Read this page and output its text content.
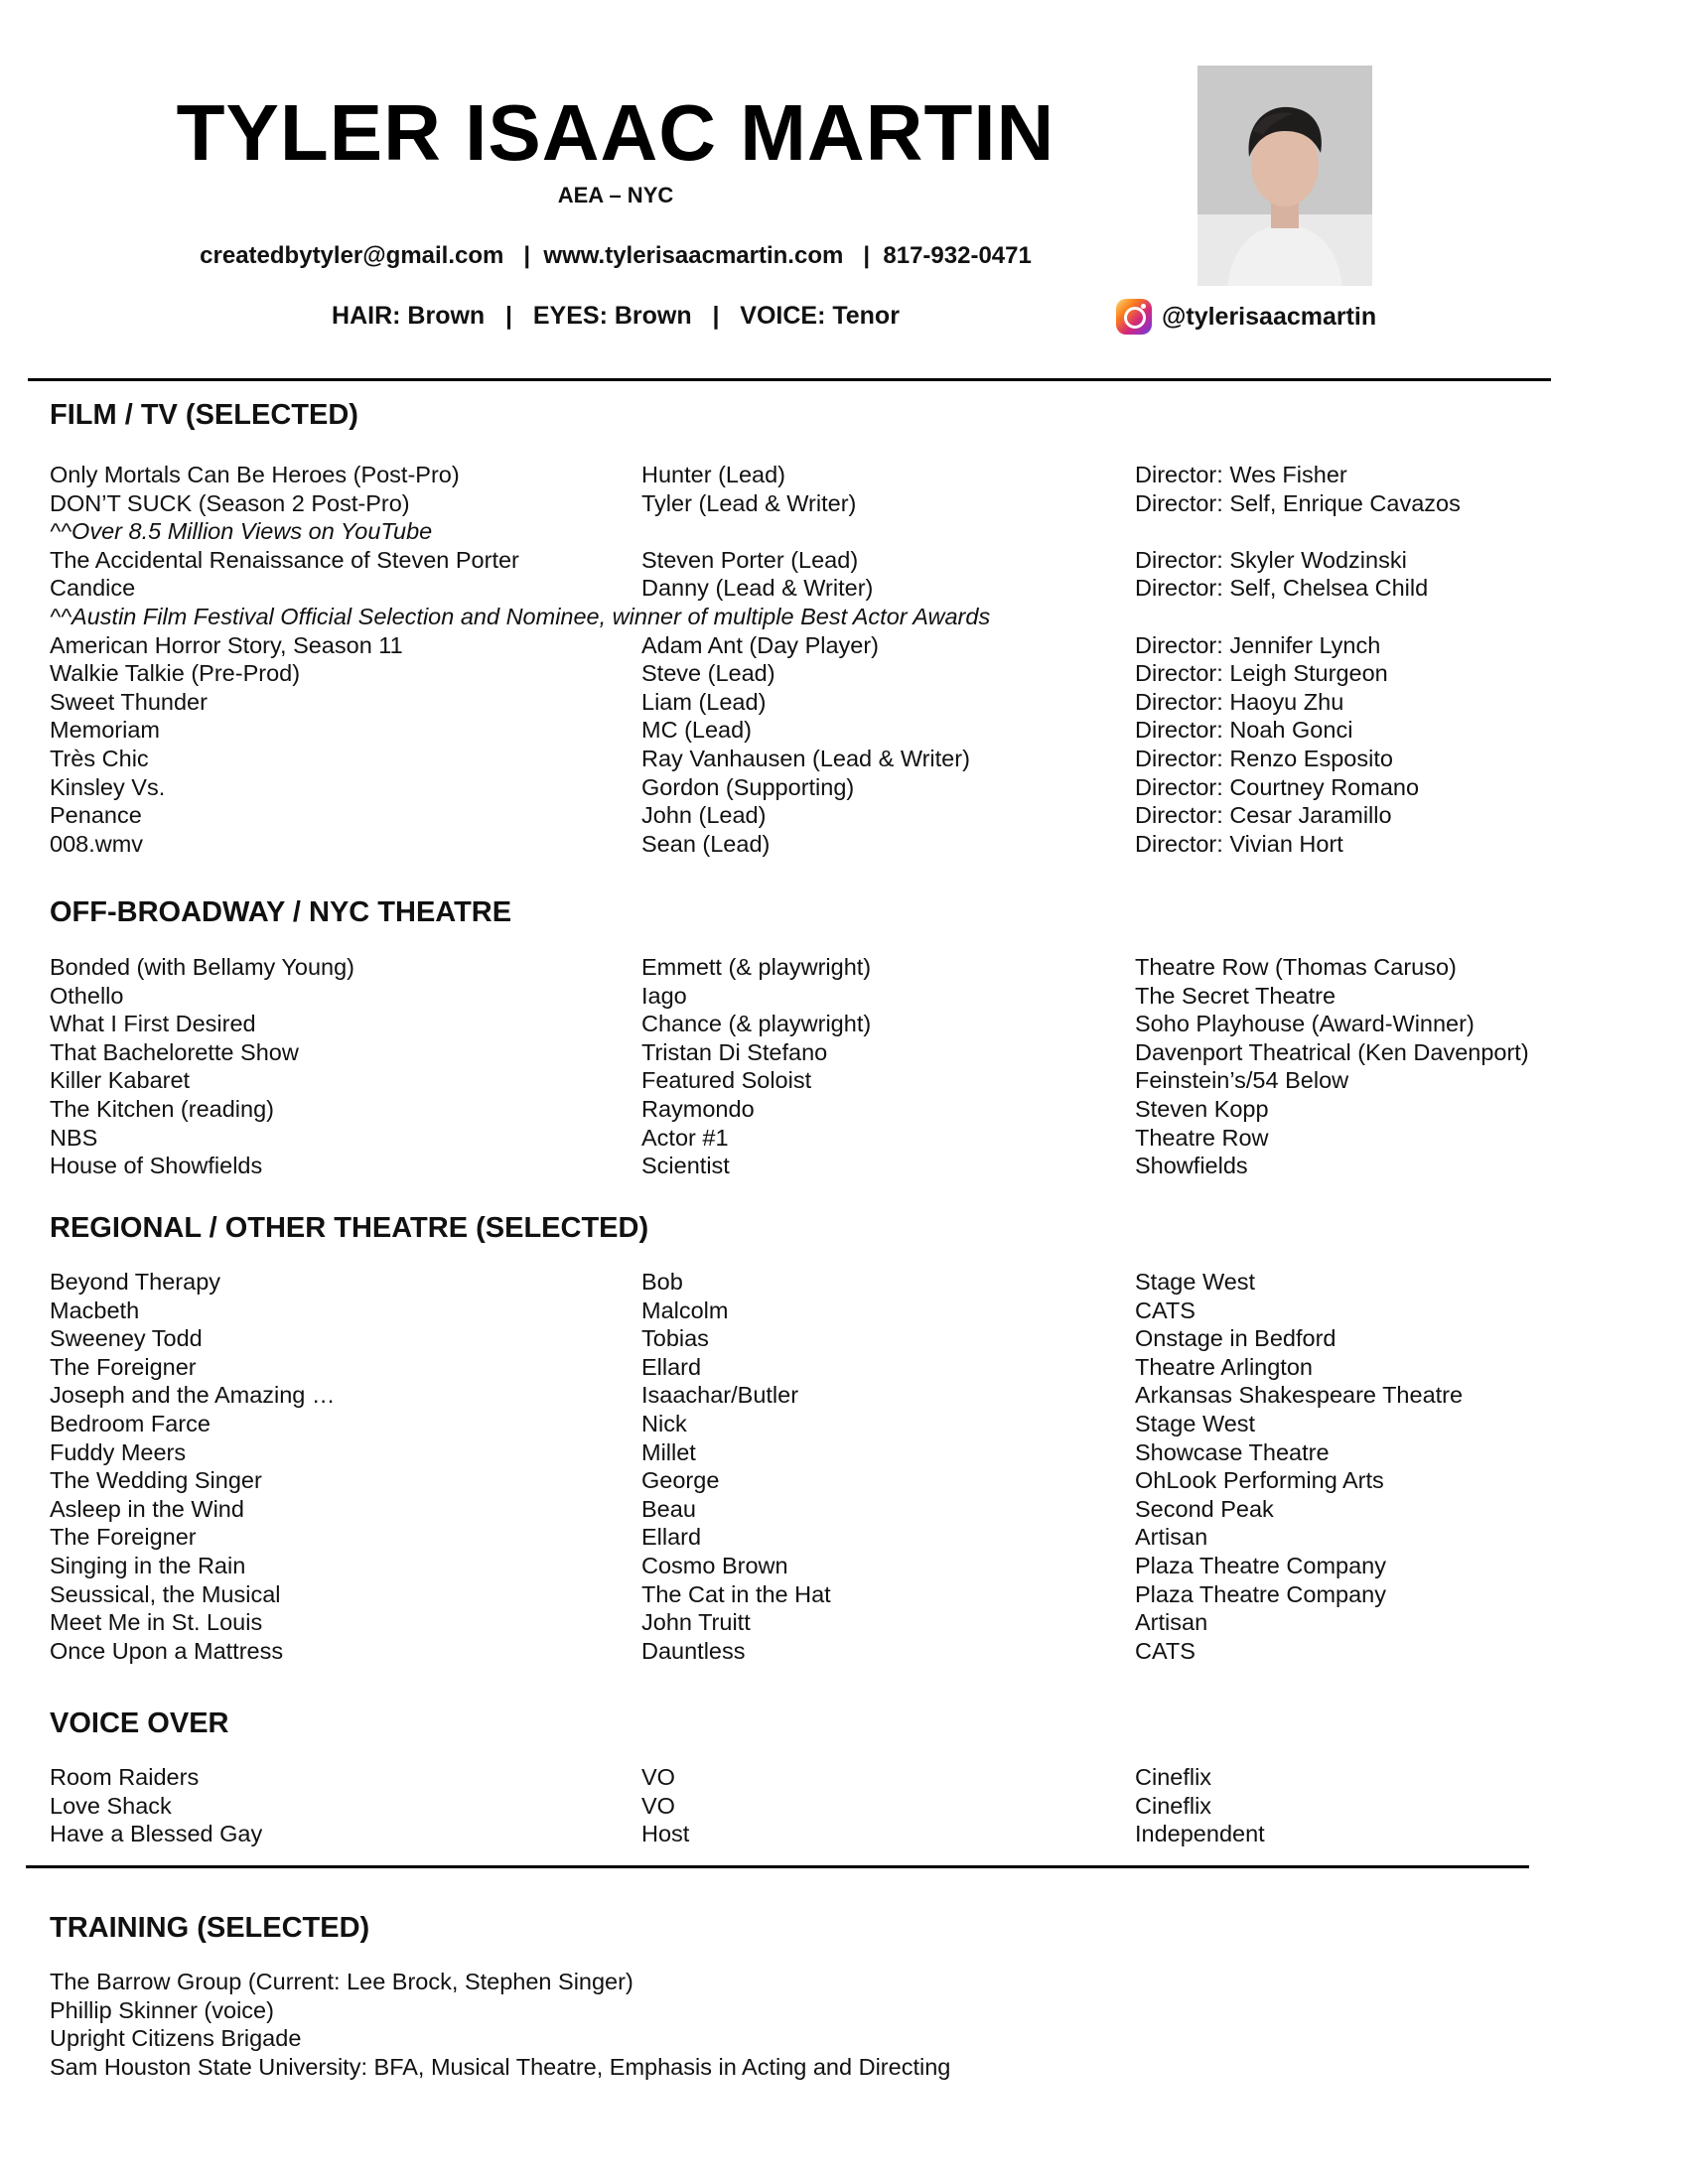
TYLER ISAAC MARTIN
AEA – NYC
createdbytyler@gmail.com   |  www.tylerisaacmartin.com   |  817-932-0471
HAIR: Brown   |   EYES: Brown   |   VOICE: Tenor	@tylerisaacmartin
FILM / TV (SELECTED)
Only Mortals Can Be Heroes (Post-Pro)	Hunter (Lead)	Director: Wes Fisher
DON’T SUCK (Season 2 Post-Pro)	Tyler (Lead & Writer)	Director: Self, Enrique Cavazos
^^Over 8.5 Million Views on YouTube
The Accidental Renaissance of Steven Porter	Steven Porter (Lead)	Director: Skyler Wodzinski
Candice	Danny (Lead & Writer)	Director: Self, Chelsea Child
^^Austin Film Festival Official Selection and Nominee, winner of multiple Best Actor Awards
American Horror Story, Season 11	Adam Ant (Day Player)	Director: Jennifer Lynch
Walkie Talkie (Pre-Prod)	Steve (Lead)	Director: Leigh Sturgeon
Sweet Thunder	Liam (Lead)	Director: Haoyu Zhu
Memoriam	MC (Lead)	Director: Noah Gonci
Très Chic	Ray Vanhausen (Lead & Writer)	Director: Renzo Esposito
Kinsley Vs.	Gordon (Supporting)	Director: Courtney Romano
Penance	John (Lead)	Director: Cesar Jaramillo
008.wmv	Sean (Lead)	Director: Vivian Hort
OFF-BROADWAY / NYC THEATRE
Bonded (with Bellamy Young)	Emmett (& playwright)	Theatre Row (Thomas Caruso)
Othello	Iago	The Secret Theatre
What I First Desired	Chance (& playwright)	Soho Playhouse (Award-Winner)
That Bachelorette Show	Tristan Di Stefano	Davenport Theatrical (Ken Davenport)
Killer Kabaret	Featured Soloist	Feinstein’s/54 Below
The Kitchen (reading)	Raymondo	Steven Kopp
NBS	Actor #1	Theatre Row
House of Showfields	Scientist	Showfields
REGIONAL / OTHER THEATRE (SELECTED)
Beyond Therapy	Bob	Stage West
Macbeth	Malcolm	CATS
Sweeney Todd	Tobias	Onstage in Bedford
The Foreigner	Ellard	Theatre Arlington
Joseph and the Amazing …	Isaachar/Butler	Arkansas Shakespeare Theatre
Bedroom Farce	Nick	Stage West
Fuddy Meers	Millet	Showcase Theatre
The Wedding Singer	George	OhLook Performing Arts
Asleep in the Wind	Beau	Second Peak
The Foreigner	Ellard	Artisan
Singing in the Rain	Cosmo Brown	Plaza Theatre Company
Seussical, the Musical	The Cat in the Hat	Plaza Theatre Company
Meet Me in St. Louis	John Truitt	Artisan
Once Upon a Mattress	Dauntless	CATS
VOICE OVER
Room Raiders	VO	Cineflix
Love Shack	VO	Cineflix
Have a Blessed Gay	Host	Independent
TRAINING (SELECTED)
The Barrow Group (Current: Lee Brock, Stephen Singer)
Phillip Skinner (voice)
Upright Citizens Brigade
Sam Houston State University: BFA, Musical Theatre, Emphasis in Acting and Directing
